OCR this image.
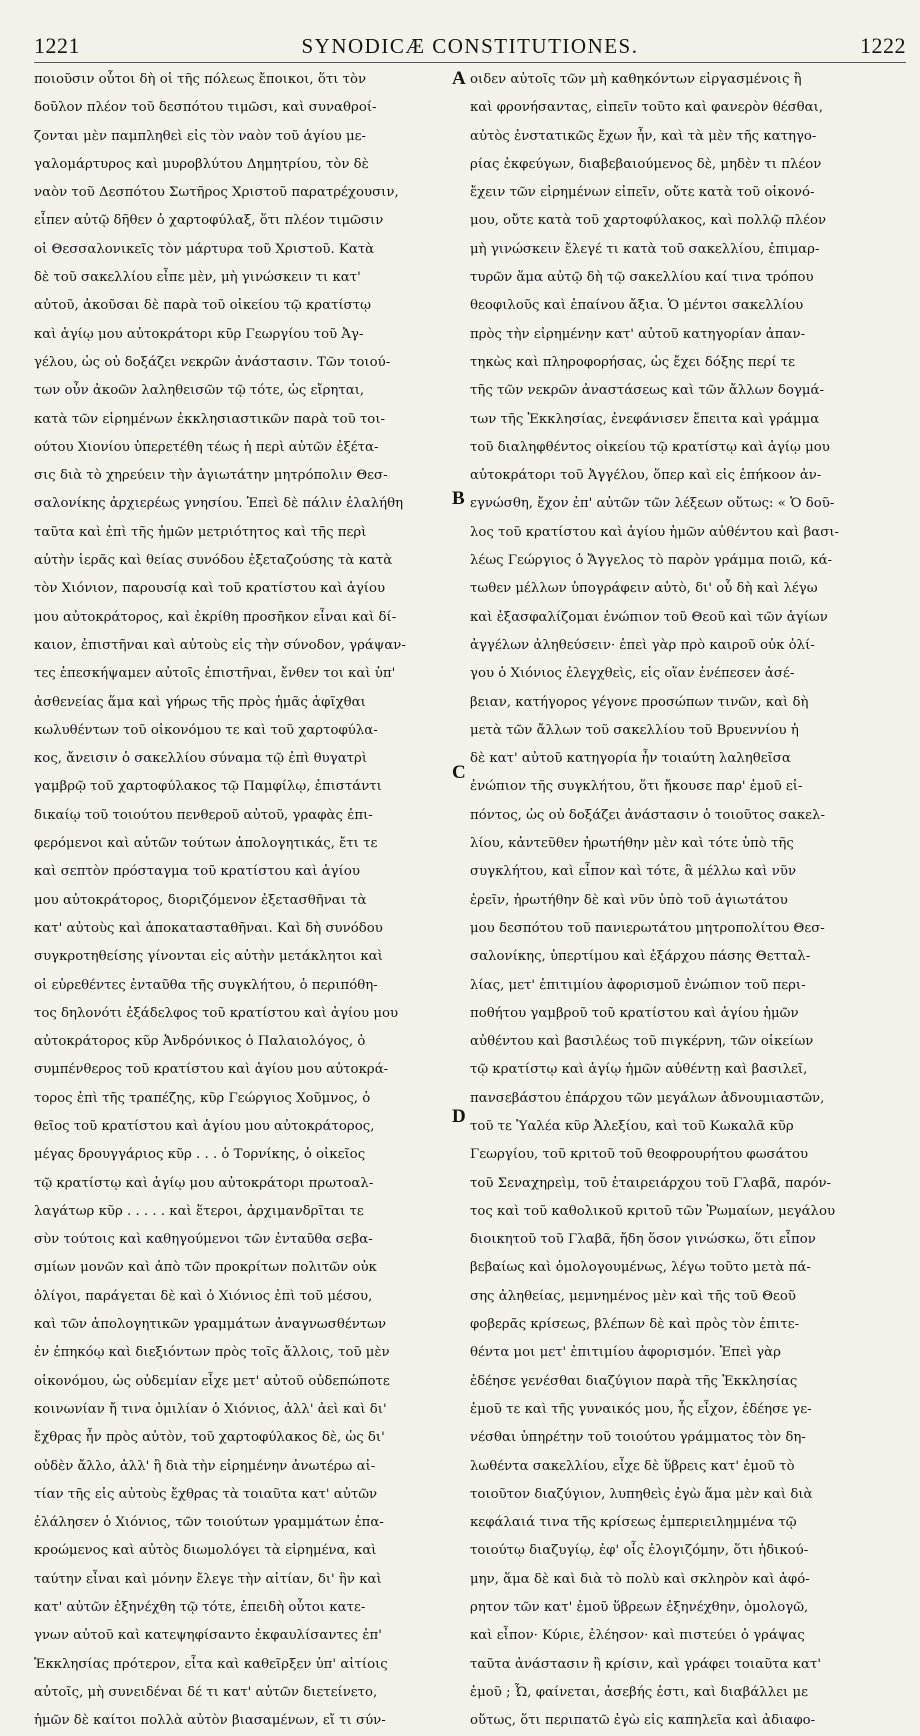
1221	SYNODICÆ CONSTITUTIONES.	1222
ποιοῦσιν οὗτοι δὴ οἱ τῆς πόλεως ἔποικοι, ὅτι τὸν
δοῦλον πλέον τοῦ δεσπότου τιμῶσι, καὶ συναθροί-
ζονται μὲν παμπληθεὶ εἰς τὸν ναὸν τοῦ ἁγίου με-
γαλομάρτυρος καὶ μυροβλύτου Δημητρίου, τὸν δὲ
ναὸν τοῦ Δεσπότου Σωτῆρος Χριστοῦ παρατρέχουσιν,
εἶπεν αὐτῷ δῆθεν ὁ χαρτοφύλαξ, ὅτι πλέον τιμῶσιν
οἱ Θεσσαλονικεῖς τὸν μάρτυρα τοῦ Χριστοῦ. Κατὰ
δὲ τοῦ σακελλίου εἶπε μὲν, μὴ γινώσκειν τι κατ'
αὐτοῦ, ἀκοῦσαι δὲ παρὰ τοῦ οἰκείου τῷ κρατίστῳ
καὶ ἁγίῳ μου αὐτοκράτορι κῦρ Γεωργίου τοῦ Ἀγ-
γέλου, ὡς οὐ δοξάζει νεκρῶν ἀνάστασιν. Τῶν τοιού-
των οὖν ἀκοῶν λαληθεισῶν τῷ τότε, ὡς εἴρηται,
κατὰ τῶν εἰρημένων ἐκκλησιαστικῶν παρὰ τοῦ τοι-
ούτου Χιονίου ὑπερετέθη τέως ἡ περὶ αὐτῶν ἐξέτα-
σις διὰ τὸ χηρεύειν τὴν ἁγιωτάτην μητρόπολιν Θεσ-
σαλονίκης ἀρχιερέως γνησίου. Ἐπεὶ δὲ πάλιν ἐλαλήθη
ταῦτα καὶ ἐπὶ τῆς ἡμῶν μετριότητος καὶ τῆς περὶ
αὐτὴν ἱερᾶς καὶ θείας συνόδου ἐξεταζούσης τὰ κατὰ
τὸν Χιόνιον, παρουσίᾳ καὶ τοῦ κρατίστου καὶ ἁγίου
μου αὐτοκράτορος, καὶ ἐκρίθη προσῆκον εἶναι καὶ δί-
καιον, ἐπιστῆναι καὶ αὐτοὺς εἰς τὴν σύνοδον, γράψαν-
τες ἐπεσκήψαμεν αὐτοῖς ἐπιστῆναι, ἔνθεν τοι καὶ ὑπ'
ἀσθενείας ἅμα καὶ γήρως τῆς πρὸς ἡμᾶς ἀφῖχθαι
κωλυθέντων τοῦ οἰκονόμου τε καὶ τοῦ χαρτοφύλα-
κος, ἄνεισιν ὁ σακελλίου σύναμα τῷ ἐπὶ θυγατρὶ
γαμβρῷ τοῦ χαρτοφύλακος τῷ Παμφίλῳ, ἐπιστάντι
δικαίῳ τοῦ τοιούτου πενθεροῦ αὐτοῦ, γραφὰς ἐπι-
φερόμενοι καὶ αὐτῶν τούτων ἀπολογητικάς, ἔτι τε
καὶ σεπτὸν πρόσταγμα τοῦ κρατίστου καὶ ἁγίου
μου αὐτοκράτορος, διοριζόμενον ἐξετασθῆναι τὰ
κατ' αὐτοὺς καὶ ἀποκατασταθῆναι. Καὶ δὴ συνόδου
συγκροτηθείσης γίνονται εἰς αὐτὴν μετάκλητοι καὶ
οἱ εὑρεθέντες ἐνταῦθα τῆς συγκλήτου, ὁ περιπόθη-
τος δηλονότι ἐξάδελφος τοῦ κρατίστου καὶ ἁγίου μου
αὐτοκράτορος κῦρ Ἀνδρόνικος ὁ Παλαιολόγος, ὁ
συμπένθερος τοῦ κρατίστου καὶ ἁγίου μου αὐτοκρά-
τορος ἐπὶ τῆς τραπέζης, κῦρ Γεώργιος Χοῦμνος, ὁ
θεῖος τοῦ κρατίστου καὶ ἁγίου μου αὐτοκράτορος,
μέγας δρουγγάριος κῦρ . . . ὁ Τορνίκης, ὁ οἰκεῖος
τῷ κρατίστῳ καὶ ἁγίῳ μου αὐτοκράτορι πρωτοαλ-
λαγάτωρ κῦρ . . . . . καὶ ἕτεροι, ἀρχιμανδρῖται τε
σὺν τούτοις καὶ καθηγούμενοι τῶν ἐνταῦθα σεβα-
σμίων μονῶν καὶ ἀπὸ τῶν προκρίτων πολιτῶν οὐκ
ὀλίγοι, παράγεται δὲ καὶ ὁ Χιόνιος ἐπὶ τοῦ μέσου,
καὶ τῶν ἀπολογητικῶν γραμμάτων ἀναγνωσθέντων
ἐν ἐπηκόῳ καὶ διεξιόντων πρὸς τοῖς ἄλλοις, τοῦ μὲν
οἰκονόμου, ὡς οὐδεμίαν εἶχε μετ' αὐτοῦ οὐδεπώποτε
κοινωνίαν ἤ τινα ὁμιλίαν ὁ Χιόνιος, ἀλλ' ἀεὶ καὶ δι'
ἔχθρας ἦν πρὸς αὐτὸν, τοῦ χαρτοφύλακος δὲ, ὡς δι'
οὐδὲν ἄλλο, ἀλλ' ἢ διὰ τὴν εἰρημένην ἀνωτέρω αἰ-
τίαν τῆς εἰς αὐτοὺς ἔχθρας τὰ τοιαῦτα κατ' αὐτῶν
ἐλάλησεν ὁ Χιόνιος, τῶν τοιούτων γραμμάτων ἐπα-
κροώμενος καὶ αὐτὸς διωμολόγει τὰ εἰρημένα, καὶ
ταύτην εἶναι καὶ μόνην ἔλεγε τὴν αἰτίαν, δι' ἣν καὶ
κατ' αὐτῶν ἐξηνέχθη τῷ τότε, ἐπειδὴ οὗτοι κατε-
γνων αὐτοῦ καὶ κατεψηφίσαντο ἐκφαυλίσαντες ἐπ'
Ἐκκλησίας πρότερον, εἶτα καὶ καθεῖρξεν ὑπ' αἰτίοις
αὐτοῖς, μὴ συνειδέναι δέ τι κατ' αὐτῶν διετείνετο,
ἡμῶν δὲ καίτοι πολλὰ αὐτὸν βιασαμένων, εἴ τι σύν-
οιδεν αὐτοῖς τῶν μὴ καθηκόντων εἰργασμένοις ἢ
καὶ φρονήσαντας, εἰπεῖν τοῦτο καὶ φανερὸν θέσθαι,
αὐτὸς ἐνστατικῶς ἔχων ἦν, καὶ τὰ μὲν τῆς κατηγο-
ρίας ἐκφεύγων, διαβεβαιούμενος δὲ, μηδὲν τι πλέον
ἔχειν τῶν εἰρημένων εἰπεῖν, οὔτε κατὰ τοῦ οἰκονό-
μου, οὔτε κατὰ τοῦ χαρτοφύλακος, καὶ πολλῷ πλέον
μὴ γινώσκειν ἔλεγέ τι κατὰ τοῦ σακελλίου, ἐπιμαρ-
τυρῶν ἅμα αὐτῷ δὴ τῷ σακελλίου καί τινα τρόπου
θεοφιλοῦς καὶ ἐπαίνου ἄξια. Ὁ μέντοι σακελλίου
πρὸς τὴν εἰρημένην κατ' αὐτοῦ κατηγορίαν ἀπαν-
τηκὼς καὶ πληροφορήσας, ὡς ἔχει δόξης περί τε
τῆς τῶν νεκρῶν ἀναστάσεως καὶ τῶν ἄλλων δογμά-
των τῆς Ἐκκλησίας, ἐνεφάνισεν ἔπειτα καὶ γράμμα
τοῦ διαληφθέντος οἰκείου τῷ κρατίστῳ καὶ ἁγίῳ μου
αὐτοκράτορι τοῦ Ἀγγέλου, ὅπερ καὶ εἰς ἐπήκοον ἀν-
εγνώσθη, ἔχον ἐπ' αὐτῶν τῶν λέξεων οὕτως: « Ὁ δοῦ-
λος τοῦ κρατίστου καὶ ἁγίου ἡμῶν αὐθέντου καὶ βασι-
λέως Γεώργιος ὁ Ἄγγελος τὸ παρὸν γράμμα ποιῶ, κά-
τωθεν μέλλων ὑπογράφειν αὐτὸ, δι' οὗ δὴ καὶ λέγω
καὶ ἐξασφαλίζομαι ἐνώπιον τοῦ Θεοῦ καὶ τῶν ἁγίων
ἀγγέλων ἀληθεύσειν· ἐπεὶ γὰρ πρὸ καιροῦ οὐκ ὀλί-
γου ὁ Χιόνιος ἐλεγχθεὶς, εἰς οἵαν ἐνέπεσεν ἀσέ-
βειαν, κατήγορος γέγονε προσώπων τινῶν, καὶ δὴ
μετὰ τῶν ἄλλων τοῦ σακελλίου τοῦ Βρυεννίου ἡ
δὲ κατ' αὐτοῦ κατηγορία ἦν τοιαύτη λαληθεῖσα
ἐνώπιον τῆς συγκλήτου, ὅτι ἤκουσε παρ' ἐμοῦ εἰ-
πόντος, ὡς οὐ δοξάζει ἀνάστασιν ὁ τοιοῦτος σακελ-
λίου, κἀντεῦθεν ἠρωτήθην μὲν καὶ τότε ὑπὸ τῆς
συγκλήτου, καὶ εἶπον καὶ τότε, ἃ μέλλω καὶ νῦν
ἐρεῖν, ἠρωτήθην δὲ καὶ νῦν ὑπὸ τοῦ ἁγιωτάτου
μου δεσπότου τοῦ πανιερωτάτου μητροπολίτου Θεσ-
σαλονίκης, ὑπερτίμου καὶ ἐξάρχου πάσης Θετταλ-
λίας, μετ' ἐπιτιμίου ἀφορισμοῦ ἐνώπιον τοῦ περι-
ποθήτου γαμβροῦ τοῦ κρατίστου καὶ ἁγίου ἡμῶν
αὐθέντου καὶ βασιλέως τοῦ πιγκέρνη, τῶν οἰκείων
τῷ κρατίστῳ καὶ ἁγίῳ ἡμῶν αὐθέντῃ καὶ βασιλεῖ,
πανσεβάστου ἐπάρχου τῶν μεγάλων ἀδνουμιαστῶν,
τοῦ τε Ὑαλέα κῦρ Ἀλεξίου, καὶ τοῦ Κωκαλᾶ κῦρ
Γεωργίου, τοῦ κριτοῦ τοῦ θεοφρουρήτου φωσάτου
τοῦ Σεναχηρεὶμ, τοῦ ἑταιρειάρχου τοῦ Γλαβᾶ, παρόν-
τος καὶ τοῦ καθολικοῦ κριτοῦ τῶν Ῥωμαίων, μεγάλου
διοικητοῦ τοῦ Γλαβᾶ, ἤδη ὅσον γινώσκω, ὅτι εἶπον
βεβαίως καὶ ὁμολογουμένως, λέγω τοῦτο μετὰ πά-
σης ἀληθείας, μεμνημένος μὲν καὶ τῆς τοῦ Θεοῦ
φοβερᾶς κρίσεως, βλέπων δὲ καὶ πρὸς τὸν ἐπιτε-
θέντα μοι μετ' ἐπιτιμίου ἀφορισμόν. Ἐπεὶ γὰρ
ἐδέησε γενέσθαι διαζύγιον παρὰ τῆς Ἐκκλησίας
ἐμοῦ τε καὶ τῆς γυναικός μου, ἧς εἶχον, ἐδέησε γε-
νέσθαι ὑπηρέτην τοῦ τοιούτου γράμματος τὸν δη-
λωθέντα σακελλίου, εἶχε δὲ ὕβρεις κατ' ἐμοῦ τὸ
τοιοῦτον διαζύγιον, λυπηθεὶς ἐγὼ ἅμα μὲν καὶ διὰ
κεφάλαιά τινα τῆς κρίσεως ἐμπεριειλημμένα τῷ
τοιούτῳ διαζυγίῳ, ἐφ' οἷς ἐλογιζόμην, ὅτι ἠδικού-
μην, ἅμα δὲ καὶ διὰ τὸ πολὺ καὶ σκληρὸν καὶ ἀφό-
ρητον τῶν κατ' ἐμοῦ ὕβρεων ἐξηνέχθην, ὁμολογῶ,
καὶ εἶπον· Κύριε, ἐλέησον· καὶ πιστεύει ὁ γράψας
ταῦτα ἀνάστασιν ἢ κρίσιν, καὶ γράφει τοιαῦτα κατ'
ἐμοῦ ; Ὦ, φαίνεται, ἀσεβής ἐστι, καὶ διαβάλλει με
οὕτως, ὅτι περιπατῶ ἐγὼ εἰς καπηλεῖα καὶ ἀδιαφο-
A
B
C
D
